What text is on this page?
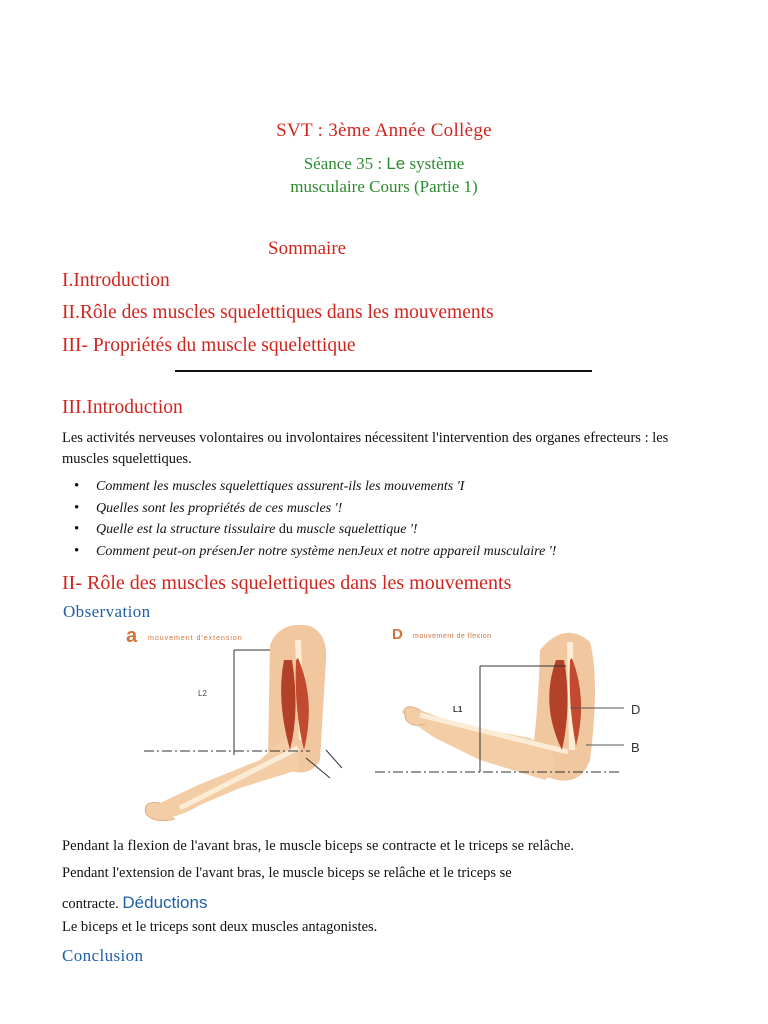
SVT : 3ème Année Collège
Séance 35 : Le système
musculaire Cours (Partie 1)
Sommaire
I.Introduction
II.Rôle des muscles squelettiques dans les mouvements
III- Propriétés du muscle squelettique
III.Introduction
Les activités nerveuses volontaires ou involontaires nécessitent l'intervention des organes efrecteurs : les muscles squelettiques.
• Comment les muscles squelettiques assurent-ils les mouvements 'I
• Quelles sont les propriétés de ces muscles '!
• Quelle est la structure tissulaire du muscle squelettique '!
• Comment peut-on présenJer notre système nenJeux et notre appareil musculaire '!
II- Rôle des muscles squelettiques dans les mouvements
Observation
a mouvement d'extension
L2
D mouvement de flexion
L1	D
B
Pendant la flexion de l'avant bras, le muscle biceps se contracte et le triceps se relâche.
Pendant l'extension de l'avant bras, le muscle biceps se relâche et le triceps se
contracte. Déductions
Le biceps et le triceps sont deux muscles antagonistes.
Conclusion
